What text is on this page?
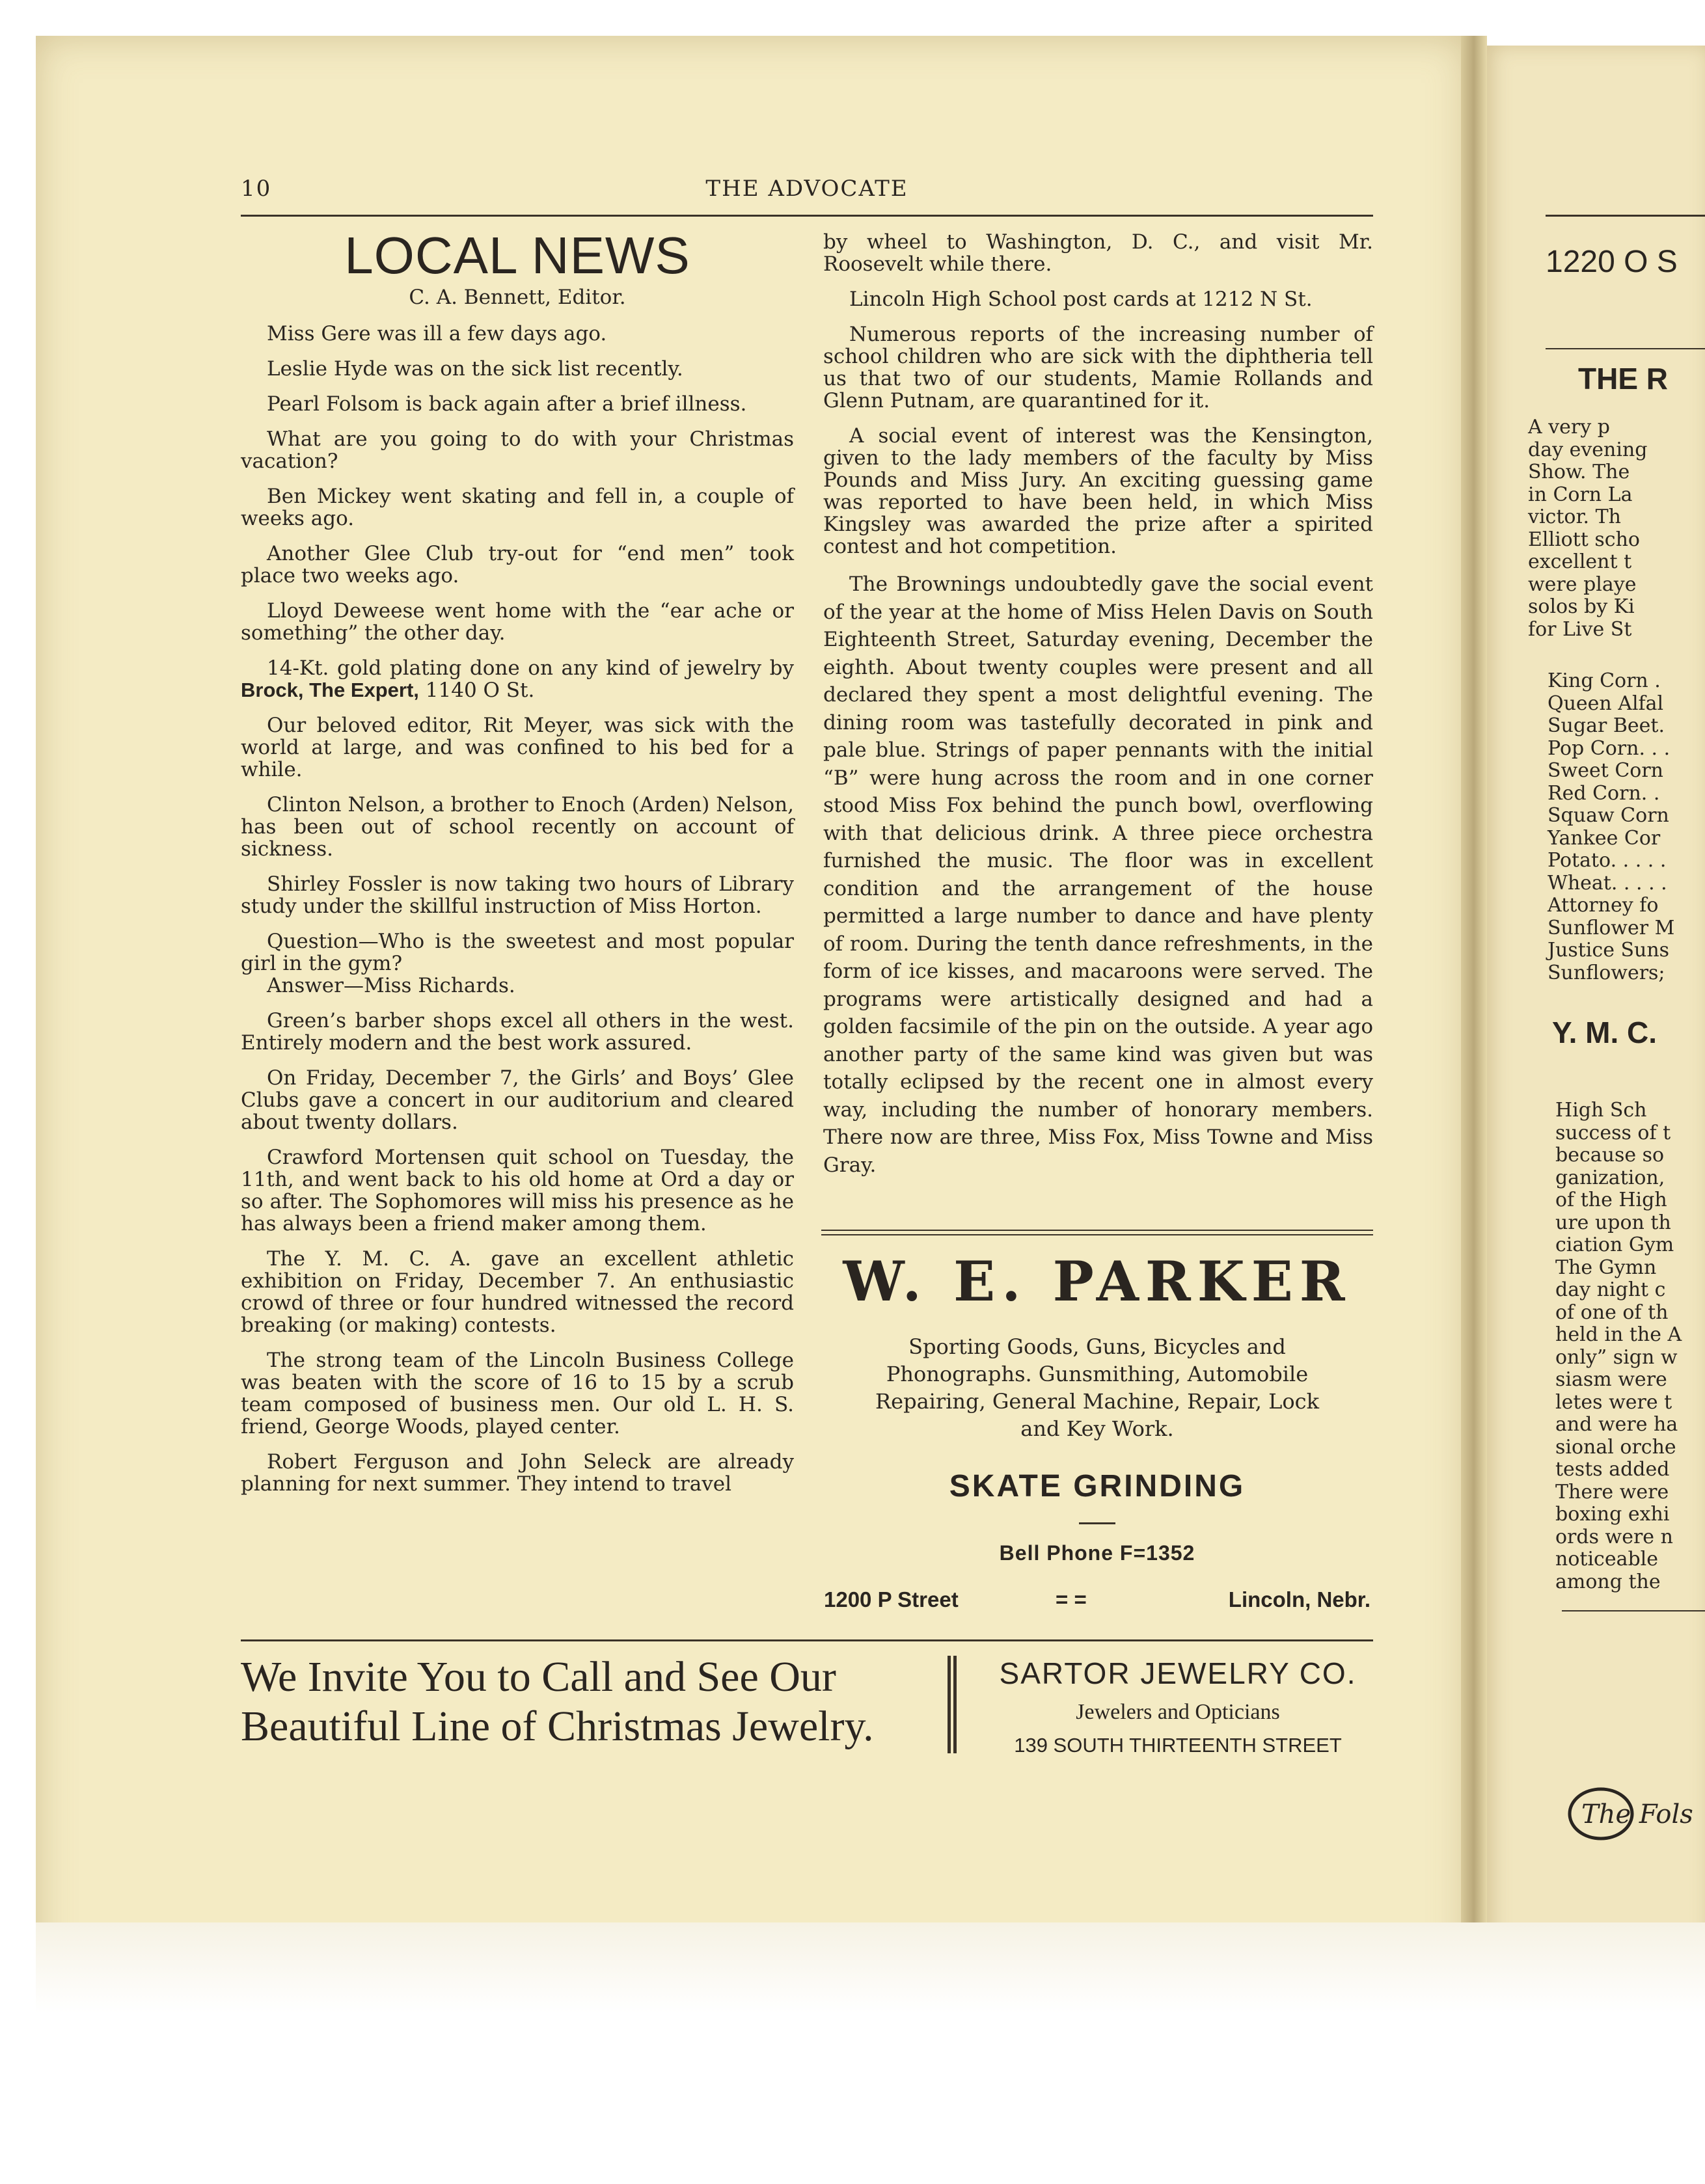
10	THE ADVOCATE
LOCAL NEWS
C. A. Bennett, Editor.

Miss Gere was ill a few days ago.

Leslie Hyde was on the sick list recently.

Pearl Folsom is back again after a brief illness.

What are you going to do with your Christmas vacation?

Ben Mickey went skating and fell in, a couple of weeks ago.

Another Glee Club try-out for “end men” took place two weeks ago.

Lloyd Deweese went home with the “ear ache or something” the other day.

14-Kt. gold plating done on any kind of jewelry by Brock, The Expert, 1140 O St.

Our beloved editor, Rit Meyer, was sick with the world at large, and was confined to his bed for a while.

Clinton Nelson, a brother to Enoch (Arden) Nelson, has been out of school recently on account of sickness.

Shirley Fossler is now taking two hours of Library study under the skillful instruction of Miss Horton.

Question—Who is the sweetest and most popular girl in the gym?

Answer—Miss Richards.

Green’s barber shops excel all others in the west. Entirely modern and the best work assured.

On Friday, December 7, the Girls’ and Boys’ Glee Clubs gave a concert in our auditorium and cleared about twenty dollars.

Crawford Mortensen quit school on Tuesday, the 11th, and went back to his old home at Ord a day or so after. The Sophomores will miss his presence as he has always been a friend maker among them.

The Y. M. C. A. gave an excellent athletic exhibition on Friday, December 7. An enthusiastic crowd of three or four hundred witnessed the record breaking (or making) contests.

The strong team of the Lincoln Business College was beaten with the score of 16 to 15 by a scrub team composed of business men. Our old L. H. S. friend, George Woods, played center.

Robert Ferguson and John Seleck are already planning for next summer. They intend to travel

by wheel to Washington, D. C., and visit Mr. Roosevelt while there.

Lincoln High School post cards at 1212 N St.

Numerous reports of the increasing number of school children who are sick with the diphtheria tell us that two of our students, Mamie Rollands and Glenn Putnam, are quarantined for it.

A social event of interest was the Kensington, given to the lady members of the faculty by Miss Pounds and Miss Jury. An exciting guessing game was reported to have been held, in which Miss Kingsley was awarded the prize after a spirited contest and hot competition.

The Brownings undoubtedly gave the social event of the year at the home of Miss Helen Davis on South Eighteenth Street, Saturday evening, December the eighth. About twenty couples were present and all declared they spent a most delightful evening. The dining room was tastefully decorated in pink and pale blue. Strings of paper pennants with the initial “B” were hung across the room and in one corner stood Miss Fox behind the punch bowl, overflowing with that delicious drink. A three piece orchestra furnished the music. The floor was in excellent condition and the arrangement of the house permitted a large number to dance and have plenty of room. During the tenth dance refreshments, in the form of ice kisses, and macaroons were served. The programs were artistically designed and had a golden facsimile of the pin on the outside. A year ago another party of the same kind was given but was totally eclipsed by the recent one in almost every way, including the number of honorary members. There now are three, Miss Fox, Miss Towne and Miss Gray.

W. E. PARKER
Sporting Goods, Guns, Bicycles and Phonographs. Gunsmithing, Automobile Repairing, General Machine, Repair, Lock and Key Work.
SKATE GRINDING
Bell Phone F=1352
1200 P Street	= =	Lincoln, Nebr.
We Invite You to Call and See Our
Beautiful Line of Christmas Jewelry.
SARTOR JEWELRY CO.
Jewelers and Opticians
139 SOUTH THIRTEENTH STREET
1220 O S
THE R
A very p
day evening
Show. The
in Corn La
victor. Th
Elliott scho
excellent t
were playe
solos by Ki
for Live St
King Corn .
Queen Alfal
Sugar Beet.
Pop Corn. . .
Sweet Corn
Red Corn. .
Squaw Corn
Yankee Cor
Potato. . . . .
Wheat. . . . .
Attorney fo
Sunflower M
Justice Suns
Sunflowers;
Y. M. C.
High Sch
success of t
because so
ganization,
of the High
ure upon th
ciation Gym
The Gymn
day night c
of one of th
held in the A
only” sign w
siasm were
letes were t
and were ha
sional orche
tests added
There were
boxing exhi
ords were n
noticeable
among the
The Fols
